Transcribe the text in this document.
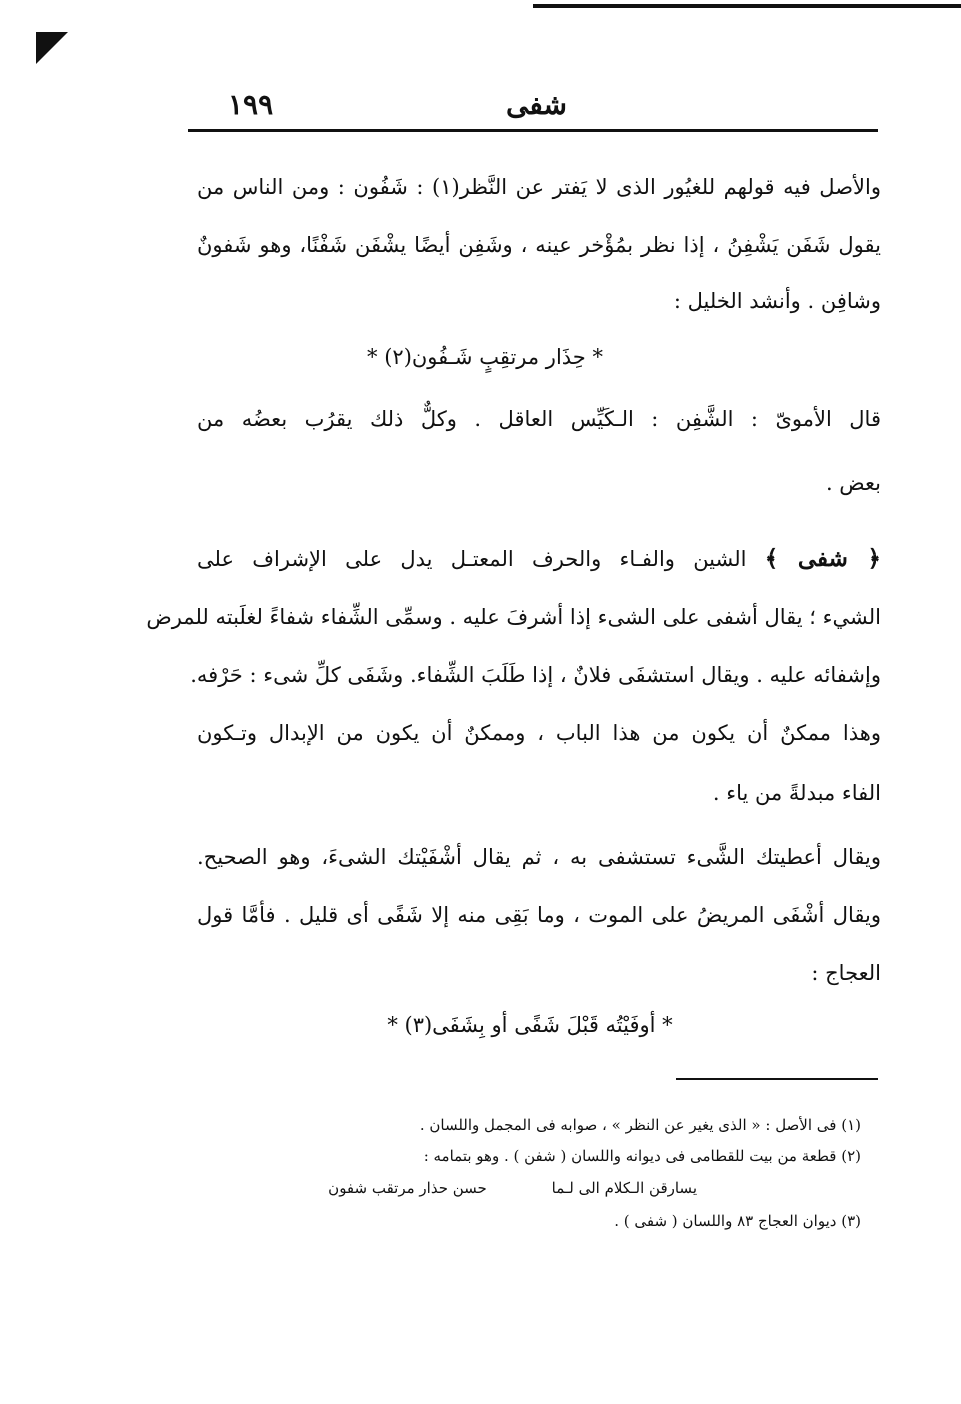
١٩٩	شفى
والأصل فيه قولهم للغيُور الذى لا يَفتر عن النَّظر(١) : شَفُون : ومن الناس من
يقول شَفَن يَشْفِنُ ، إذا نظر بمُؤْخر عينه ، وشَفِن أيضًا يشْفَن شَفْنًا، وهو شَفونٌ
وشافِن . وأنشد الخليل :
* حِذَار مرتقِبٍ شَـفُون(٢) *
قال الأموىّ : الشَّفِن : الـكَيِّس العاقل . وكلٌّ ذلك يقرُب بعضُه من
بعض .
﴿ شفى ﴾ الشين والفـاء والحرف المعتـل يدل على الإشراف على
الشيء ؛ يقال أشفى على الشىء إذا أشرفَ عليه . وسمِّى الشِّفاء شفاءً لغلَبته للمرض
وإشفائه عليه . ويقال استشفَى فلانٌ ، إذا طَلَبَ الشِّفاء. وشَفَى كلِّ شىء : حَرْفه.
وهذا ممكنٌ أن يكون من هذا الباب ، وممكنٌ أن يكون من الإبدال وتـكون
الفاء مبدلةً من ياء .
ويقال أعطيتك الشَّىء تستشفى به ، ثم يقال أشْفَيْتك الشىءَ، وهو الصحيح.
ويقال أشْفَى المريضُ على الموت ، وما بَقِى منه إلا شَفًى أى قليل . فأمَّا قول
العجاج :
* أوفَيْتُه قَبْلَ شَفًى أو بِشَفَى(٣) *
(١) فى الأصل : « الذى يغير عن النظر » ، صوابه فى المجمل واللسان .
(٢) قطعة من بيت للقطامى فى ديوانه واللسان ( شفن ) . وهو بتمامه :
يسارقن الـكلام الى لـما حسن حذار مرتقب شفون
(٣) ديوان العجاج ٨٣ واللسان ( شفى ) .
